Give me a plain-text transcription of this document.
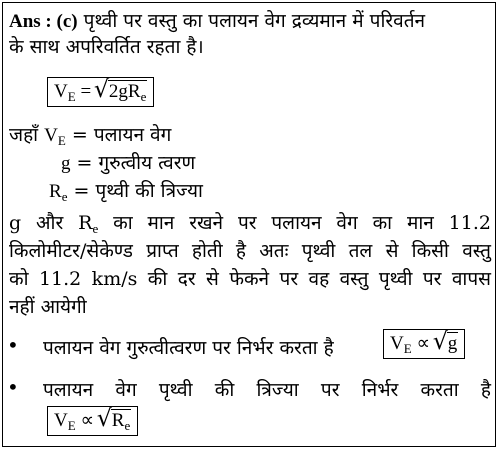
Ans : (c) पृथ्वी पर वस्तु का पलायन वेग द्रव्यमान में परिवर्तन
के साथ अपरिवर्तित रहता है।
$V_E$ = √ $2gR_e$
जहाँ $V_E$ = पलायन वेग
g = गुरुत्वीय त्वरण
$R_e$ = पृथ्वी की त्रिज्या
g और $R_e$ का मान रखने पर पलायन वेग का मान 11.2
किलोमीटर/सेकेण्ड प्राप्त होती है अतः पृथ्वी तल से किसी वस्तु
को 11.2 km/s की दर से फेकने पर वह वस्तु पृथ्वी पर वापस
नहीं आयेगी
• पलायन वेग गुरुत्वीत्वरण पर निर्भर करता है	$V_E$ ∝ √ g
• पलायन वेग पृथ्वी की त्रिज्या पर निर्भर करता है
$V_E$ ∝ √ $R_e$
